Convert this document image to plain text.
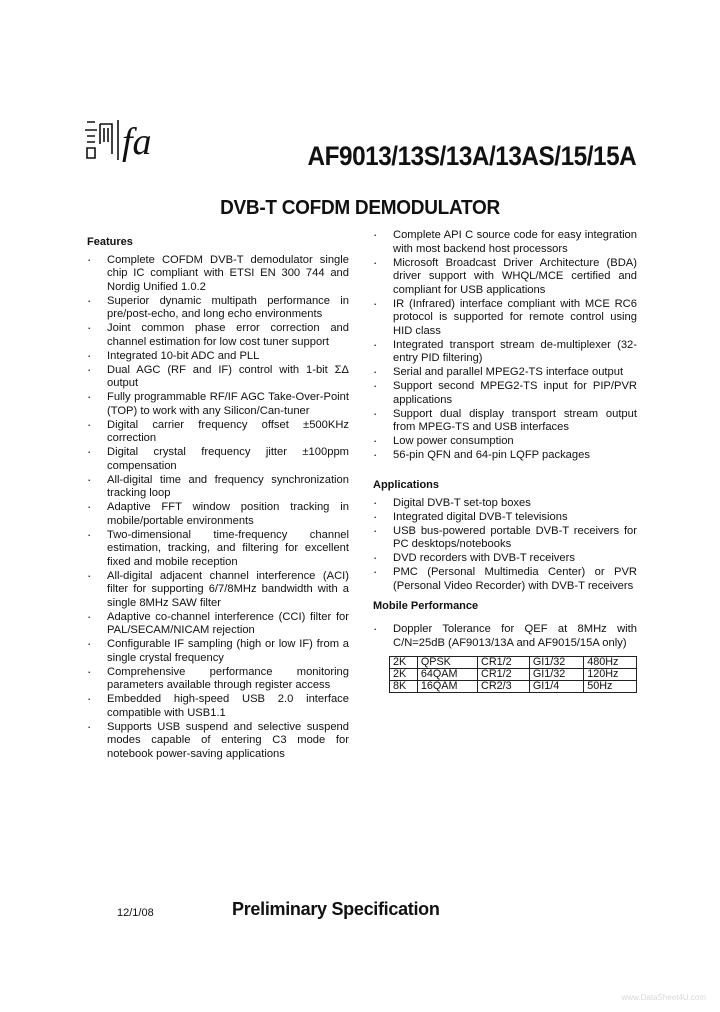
fa	AF9013/13S/13A/13AS/15/15A
DVB-T COFDM DEMODULATOR
Features
· Complete COFDM DVB-T demodulator single chip IC compliant with ETSI EN 300 744 and Nordig Unified 1.0.2
· Superior dynamic multipath performance in pre/post-echo, and long echo environments
· Joint common phase error correction and channel estimation for low cost tuner support
· Integrated 10-bit ADC and PLL
· Dual AGC (RF and IF) control with 1-bit ΣΔ output
· Fully programmable RF/IF AGC Take-Over-Point (TOP) to work with any Silicon/Can-tuner
· Digital carrier frequency offset ±500KHz correction
· Digital crystal frequency jitter ±100ppm compensation
· All-digital time and frequency synchronization tracking loop
· Adaptive FFT window position tracking in mobile/portable environments
· Two-dimensional time-frequency channel estimation, tracking, and filtering for excellent fixed and mobile reception
· All-digital adjacent channel interference (ACI) filter for supporting 6/7/8MHz bandwidth with a single 8MHz SAW filter
· Adaptive co-channel interference (CCI) filter for PAL/SECAM/NICAM rejection
· Configurable IF sampling (high or low IF) from a single crystal frequency
· Comprehensive performance monitoring parameters available through register access
· Embedded high-speed USB 2.0 interface compatible with USB1.1
· Supports USB suspend and selective suspend modes capable of entering C3 mode for notebook power-saving applications
· Complete API C source code for easy integration with most backend host processors
· Microsoft Broadcast Driver Architecture (BDA) driver support with WHQL/MCE certified and compliant for USB applications
· IR (Infrared) interface compliant with MCE RC6 protocol is supported for remote control using HID class
· Integrated transport stream de-multiplexer (32-entry PID filtering)
· Serial and parallel MPEG2-TS interface output
· Support second MPEG2-TS input for PIP/PVR applications
· Support dual display transport stream output from MPEG-TS and USB interfaces
· Low power consumption
· 56-pin QFN and 64-pin LQFP packages
Applications
· Digital DVB-T set-top boxes
· Integrated digital DVB-T televisions
· USB bus-powered portable DVB-T receivers for PC desktops/notebooks
· DVD recorders with DVB-T receivers
· PMC (Personal Multimedia Center) or PVR (Personal Video Recorder) with DVB-T receivers
Mobile Performance
· Doppler Tolerance for QEF at 8MHz with C/N=25dB (AF9013/13A and AF9015/15A only)
2K	QPSK	CR1/2	GI1/32	480Hz
2K	64QAM	CR1/2	GI1/32	120Hz
8K	16QAM	CR2/3	GI1/4	50Hz
12/1/08	Preliminary Specification
www.DataSheet4U.com
